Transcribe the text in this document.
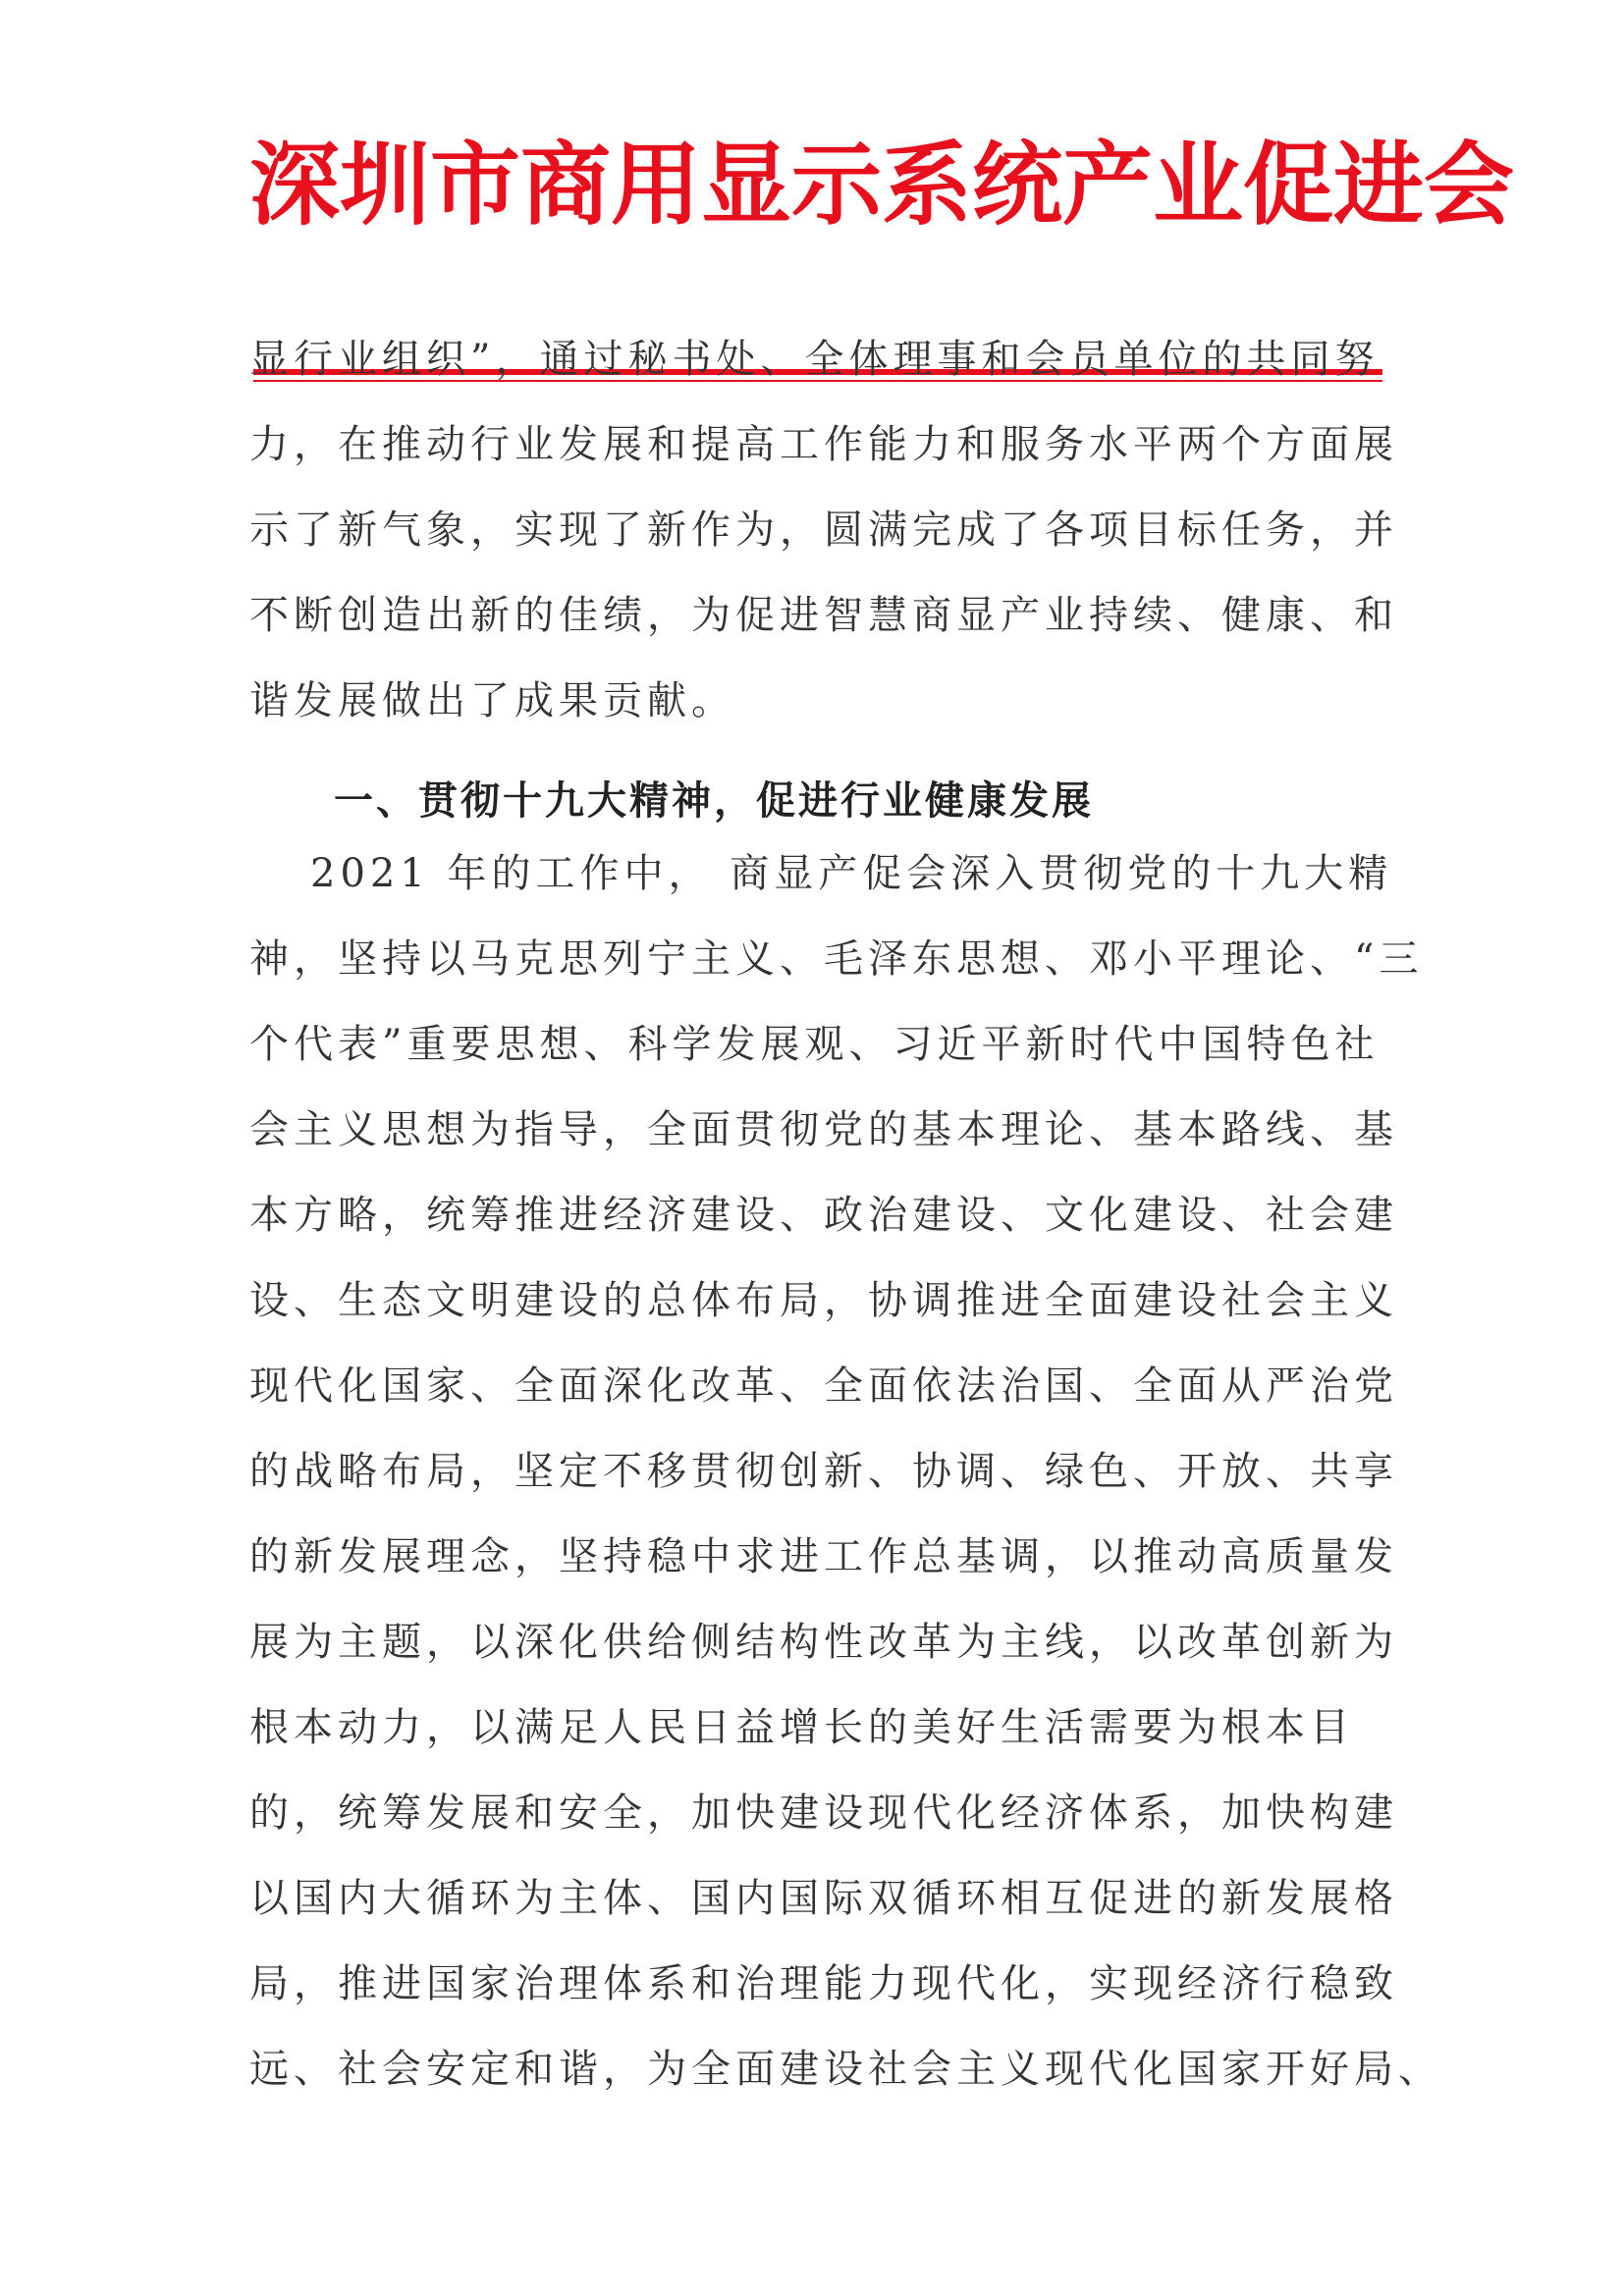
深圳市商用显示系统产业促进会
显行业组织”，通过秘书处、全体理事和会员单位的共同努
力，在推动行业发展和提高工作能力和服务水平两个方面展
示了新气象，实现了新作为，圆满完成了各项目标任务，并
不断创造出新的佳绩，为促进智慧商显产业持续、健康、和
谐发展做出了成果贡献。
一、贯彻十九大精神，促进行业健康发展
2021 年的工作中， 商显产促会深入贯彻党的十九大精
神，坚持以马克思列宁主义、毛泽东思想、邓小平理论、“三
个代表”重要思想、科学发展观、习近平新时代中国特色社
会主义思想为指导，全面贯彻党的基本理论、基本路线、基
本方略，统筹推进经济建设、政治建设、文化建设、社会建
设、生态文明建设的总体布局，协调推进全面建设社会主义
现代化国家、全面深化改革、全面依法治国、全面从严治党
的战略布局，坚定不移贯彻创新、协调、绿色、开放、共享
的新发展理念，坚持稳中求进工作总基调，以推动高质量发
展为主题，以深化供给侧结构性改革为主线，以改革创新为
根本动力，以满足人民日益增长的美好生活需要为根本目
的，统筹发展和安全，加快建设现代化经济体系，加快构建
以国内大循环为主体、国内国际双循环相互促进的新发展格
局，推进国家治理体系和治理能力现代化，实现经济行稳致
远、社会安定和谐，为全面建设社会主义现代化国家开好局、
